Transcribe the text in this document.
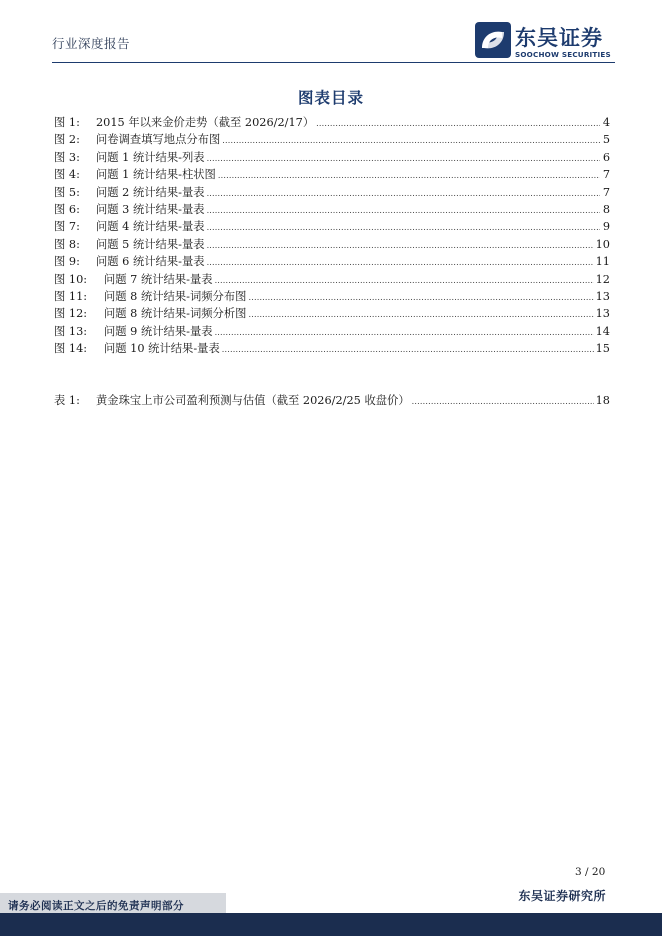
行业深度报告	东吴证券
SOOCHOW SECURITIES
图表目录
图 1:	2015 年以来金价走势（截至 2026/2/17） .....	4
图 2:	问卷调查填写地点分布图 .....	5
图 3:	问题 1 统计结果-列表 .....	6
图 4:	问题 1 统计结果-柱状图 .....	7
图 5:	问题 2 统计结果-量表 .....	7
图 6:	问题 3 统计结果-量表 .....	8
图 7:	问题 4 统计结果-量表 .....	9
图 8:	问题 5 统计结果-量表 .....	10
图 9:	问题 6 统计结果-量表 .....	11
图 10:	问题 7 统计结果-量表 .....	12
图 11:	问题 8 统计结果-词频分布图 .....	13
图 12:	问题 8 统计结果-词频分析图 .....	13
图 13:	问题 9 统计结果-量表 .....	14
图 14:	问题 10 统计结果-量表 .....	15
表 1:	黄金珠宝上市公司盈利预测与估值（截至 2026/2/25 收盘价） .....	18
3 / 20
请务必阅读正文之后的免责声明部分
东吴证券研究所
